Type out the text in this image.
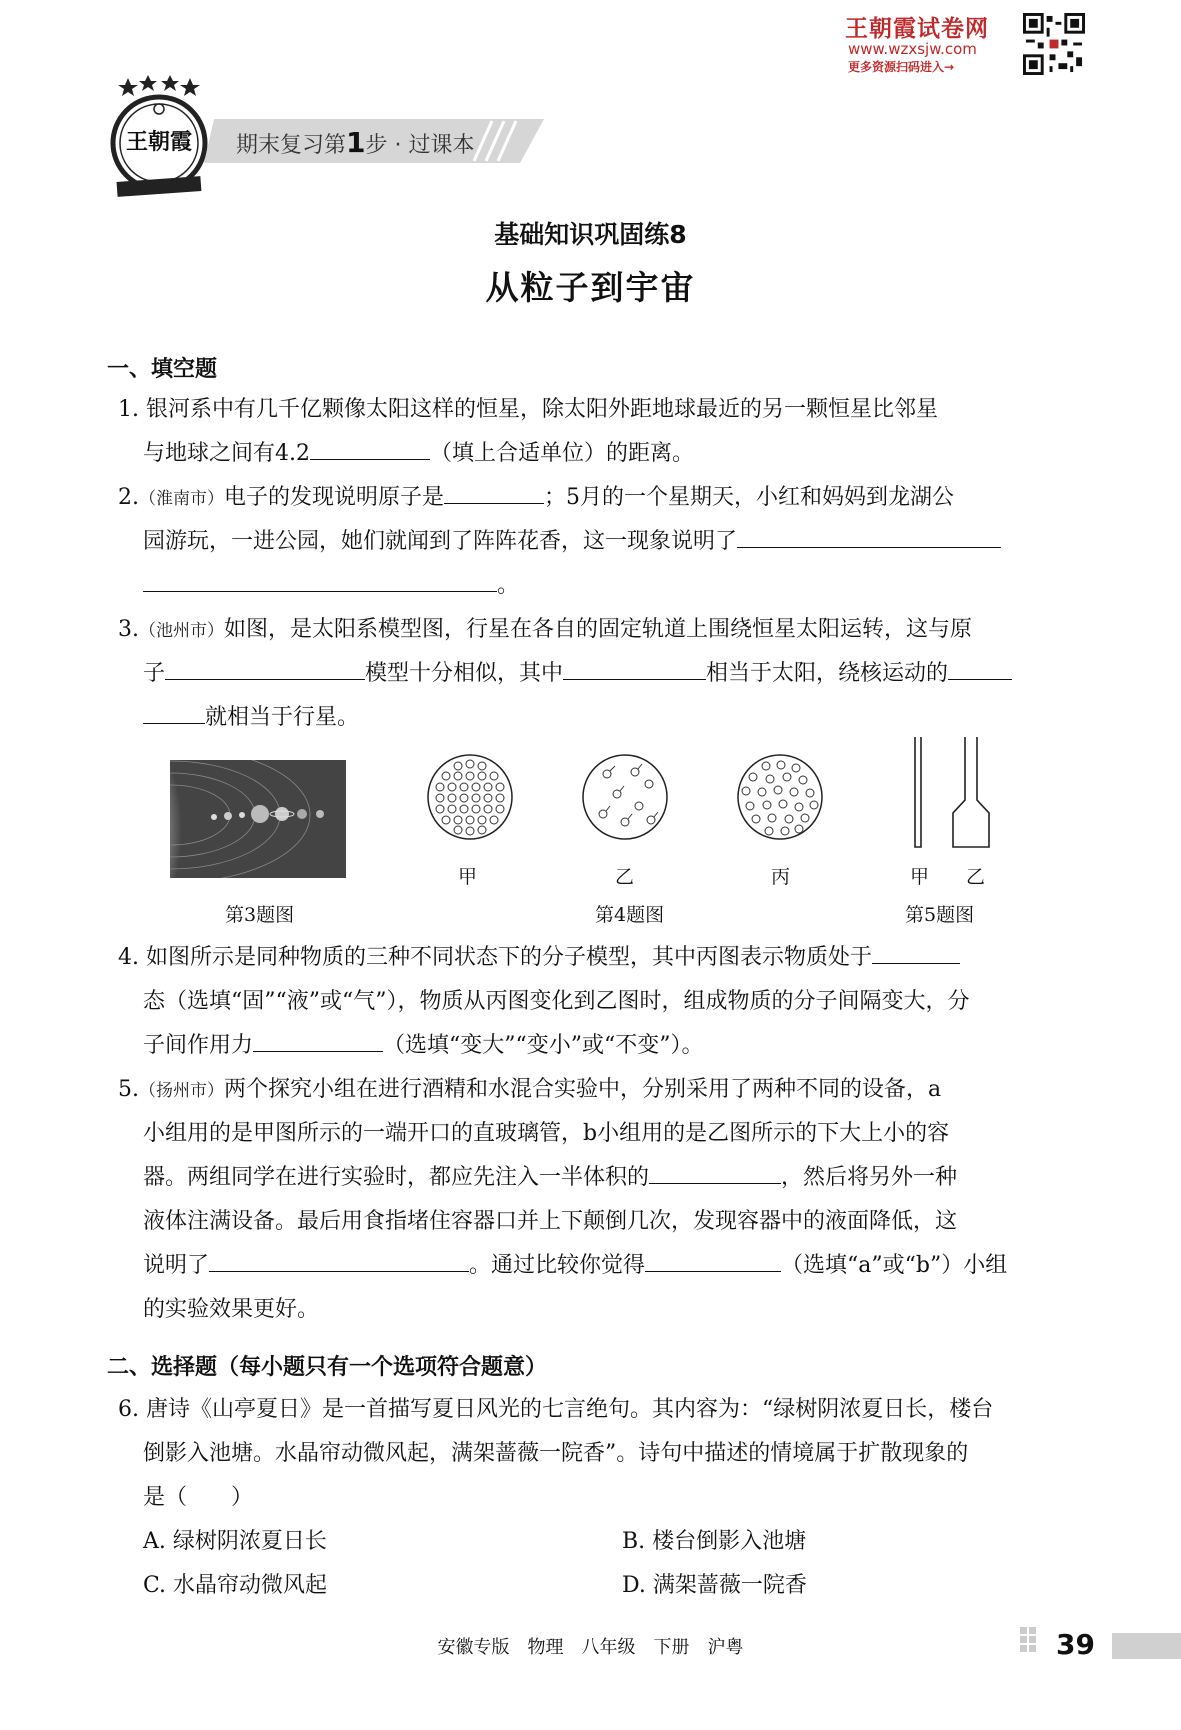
王朝霞试卷网
www.wzxsjw.com
更多资源扫码进入→
王朝霞 期末复习第1步 · 过课本
基础知识巩固练8
从粒子到宇宙
一、填空题
1. 银河系中有几千亿颗像太阳这样的恒星，除太阳外距地球最近的另一颗恒星比邻星
与地球之间有4.2	（填上合适单位）的距离。
2.（淮南市）电子的发现说明原子是	；5月的一个星期天，小红和妈妈到龙湖公
园游玩，一进公园，她们就闻到了阵阵花香，这一现象说明了
。
3.（池州市）如图，是太阳系模型图，行星在各自的固定轨道上围绕恒星太阳运转，这与原
子	模型十分相似，其中	相当于太阳，绕核运动的
就相当于行星。
第3题图
甲	乙	丙
第4题图
甲 乙
第5题图
4. 如图所示是同种物质的三种不同状态下的分子模型，其中丙图表示物质处于
态（选填“固”“液”或“气”），物质从丙图变化到乙图时，组成物质的分子间隔变大，分
子间作用力	（选填“变大”“变小”或“不变”）。
5.（扬州市）两个探究小组在进行酒精和水混合实验中，分别采用了两种不同的设备，a
小组用的是甲图所示的一端开口的直玻璃管，b小组用的是乙图所示的下大上小的容
器。两组同学在进行实验时，都应先注入一半体积的	，然后将另外一种
液体注满设备。最后用食指堵住容器口并上下颠倒几次，发现容器中的液面降低，这
说明了	。通过比较你觉得	（选填“a”或“b”）小组
的实验效果更好。
二、选择题（每小题只有一个选项符合题意）
6. 唐诗《山亭夏日》是一首描写夏日风光的七言绝句。其内容为：“绿树阴浓夏日长，楼台
倒影入池塘。水晶帘动微风起，满架蔷薇一院香”。诗句中描述的情境属于扩散现象的
是（　　）
A. 绿树阴浓夏日长	B. 楼台倒影入池塘
C. 水晶帘动微风起	D. 满架蔷薇一院香
安徽专版　物理　八年级　下册　沪粤	39
